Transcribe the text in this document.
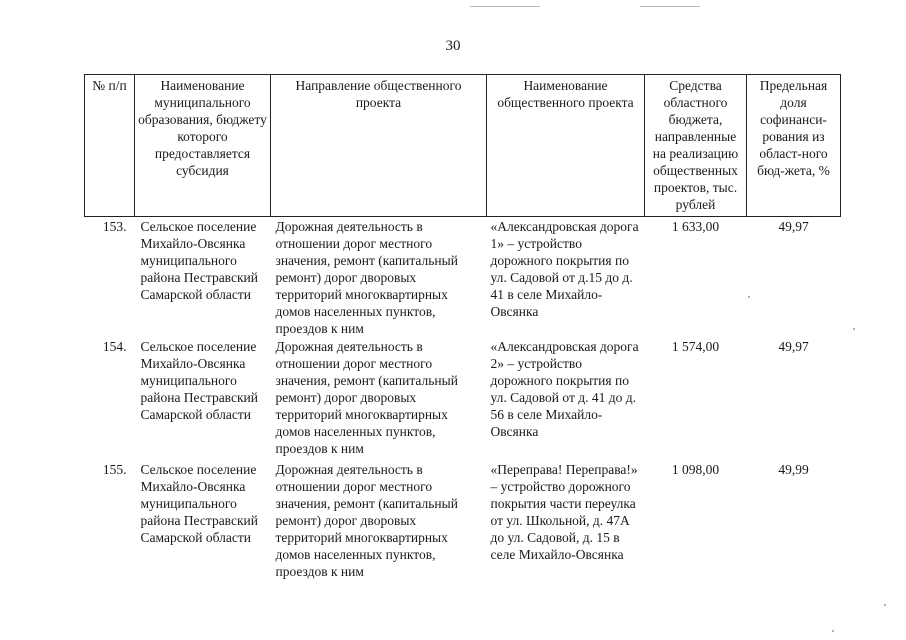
30
№ п/п	Наименование муниципального образования, бюджету которого предоставляется субсидия	Направление общественного проекта	Наименование общественного проекта	Средства областного бюджета, направленные на реализацию общественных проектов, тыс. рублей	Предельная доля софинанси-рования из област-ного бюд-жета, %
153.	Сельское поселение Михайло-Овсянка муниципального района Пестравский Самарской области	Дорожная деятельность в отношении дорог местного значения, ремонт (капитальный ремонт) дорог дворовых территорий многоквартирных домов населенных пунктов, проездов к ним	«Александровская дорога 1» – устройство дорожного покрытия по ул. Садовой от д.15 до д. 41 в селе Михайло-Овсянка	1 633,00	49,97
154.	Сельское поселение Михайло-Овсянка муниципального района Пестравский Самарской области	Дорожная деятельность в отношении дорог местного значения, ремонт (капитальный ремонт) дорог дворовых территорий многоквартирных домов населенных пунктов, проездов к ним	«Александровская дорога 2» – устройство дорожного покрытия по ул. Садовой от д. 41 до д. 56 в селе Михайло-Овсянка	1 574,00	49,97
155.	Сельское поселение Михайло-Овсянка муниципального района Пестравский Самарской области	Дорожная деятельность в отношении дорог местного значения, ремонт (капитальный ремонт) дорог дворовых территорий многоквартирных домов населенных пунктов, проездов к ним	«Переправа! Переправа!» – устройство дорожного покрытия части переулка от ул. Школьной, д. 47А до ул. Садовой, д. 15 в селе Михайло-Овсянка	1 098,00	49,99
